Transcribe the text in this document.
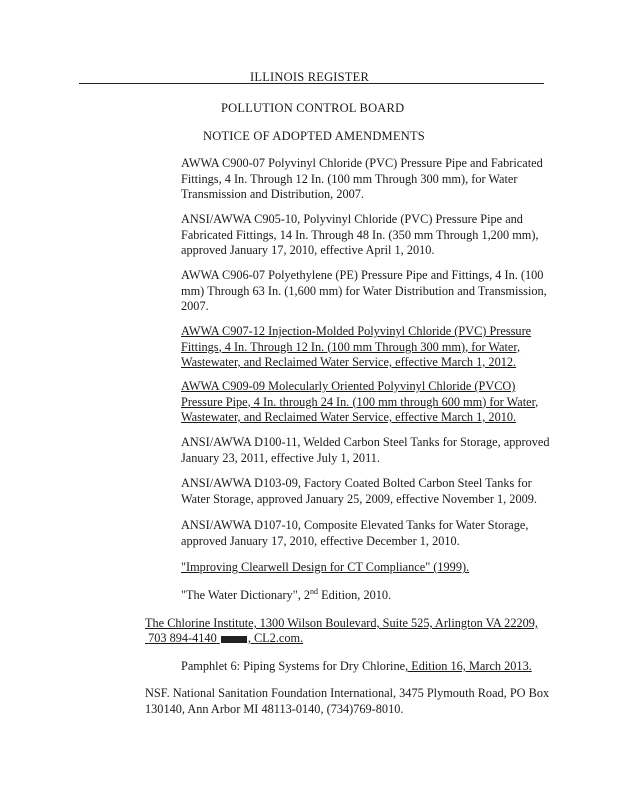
ILLINOIS REGISTER
POLLUTION CONTROL BOARD
NOTICE OF ADOPTED AMENDMENTS
AWWA C900-07 Polyvinyl Chloride (PVC) Pressure Pipe and Fabricated Fittings, 4 In. Through 12 In. (100 mm Through 300 mm), for Water Transmission and Distribution, 2007.
ANSI/AWWA C905-10, Polyvinyl Chloride (PVC) Pressure Pipe and Fabricated Fittings, 14 In. Through 48 In. (350 mm Through 1,200 mm), approved January 17, 2010, effective April 1, 2010.
AWWA C906-07 Polyethylene (PE) Pressure Pipe and Fittings, 4 In. (100 mm) Through 63 In. (1,600 mm) for Water Distribution and Transmission, 2007.
AWWA C907-12 Injection-Molded Polyvinyl Chloride (PVC) Pressure Fittings, 4 In. Through 12 In. (100 mm Through 300 mm), for Water, Wastewater, and Reclaimed Water Service, effective March 1, 2012.
AWWA C909-09 Molecularly Oriented Polyvinyl Chloride (PVCO) Pressure Pipe, 4 In. through 24 In. (100 mm through 600 mm) for Water, Wastewater, and Reclaimed Water Service, effective March 1, 2010.
ANSI/AWWA D100-11, Welded Carbon Steel Tanks for Storage, approved January 23, 2011, effective July 1, 2011.
ANSI/AWWA D103-09, Factory Coated Bolted Carbon Steel Tanks for Water Storage, approved January 25, 2009, effective November 1, 2009.
ANSI/AWWA D107-10, Composite Elevated Tanks for Water Storage, approved January 17, 2010, effective December 1, 2010.
"Improving Clearwell Design for CT Compliance" (1999).
"The Water Dictionary", 2nd Edition, 2010.
The Chlorine Institute, 1300 Wilson Boulevard, Suite 525, Arlington VA 22209,
703 894-4140	, CL2.com.
Pamphlet 6: Piping Systems for Dry Chlorine, Edition 16, March 2013.
NSF. National Sanitation Foundation International, 3475 Plymouth Road, PO Box 130140, Ann Arbor MI 48113-0140, (734)769-8010.
